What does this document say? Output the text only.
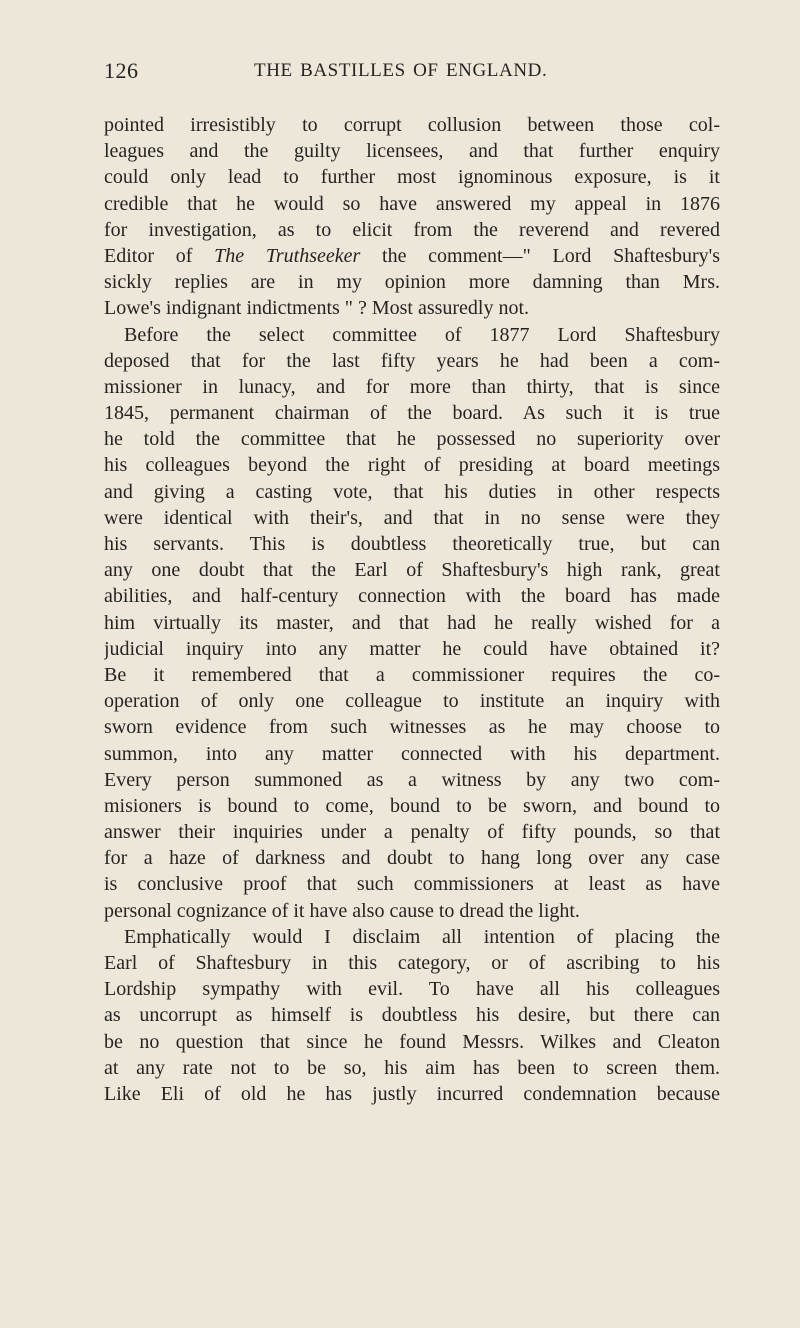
126	THE BASTILLES OF ENGLAND.
pointed irresistibly to corrupt collusion between those col-
leagues and the guilty licensees, and that further enquiry
could only lead to further most ignominous exposure, is it
credible that he would so have answered my appeal in 1876
for investigation, as to elicit from the reverend and revered
Editor of The Truthseeker the comment—" Lord Shaftesbury's
sickly replies are in my opinion more damning than Mrs.
Lowe's indignant indictments " ? Most assuredly not.
Before the select committee of 1877 Lord Shaftesbury
deposed that for the last fifty years he had been a com-
missioner in lunacy, and for more than thirty, that is since
1845, permanent chairman of the board. As such it is true
he told the committee that he possessed no superiority over
his colleagues beyond the right of presiding at board meetings
and giving a casting vote, that his duties in other respects
were identical with their's, and that in no sense were they
his servants. This is doubtless theoretically true, but can
any one doubt that the Earl of Shaftesbury's high rank, great
abilities, and half-century connection with the board has made
him virtually its master, and that had he really wished for a
judicial inquiry into any matter he could have obtained it?
Be it remembered that a commissioner requires the co-
operation of only one colleague to institute an inquiry with
sworn evidence from such witnesses as he may choose to
summon, into any matter connected with his department.
Every person summoned as a witness by any two com-
misioners is bound to come, bound to be sworn, and bound to
answer their inquiries under a penalty of fifty pounds, so that
for a haze of darkness and doubt to hang long over any case
is conclusive proof that such commissioners at least as have
personal cognizance of it have also cause to dread the light.
Emphatically would I disclaim all intention of placing the
Earl of Shaftesbury in this category, or of ascribing to his
Lordship sympathy with evil. To have all his colleagues
as uncorrupt as himself is doubtless his desire, but there can
be no question that since he found Messrs. Wilkes and Cleaton
at any rate not to be so, his aim has been to screen them.
Like Eli of old he has justly incurred condemnation because
